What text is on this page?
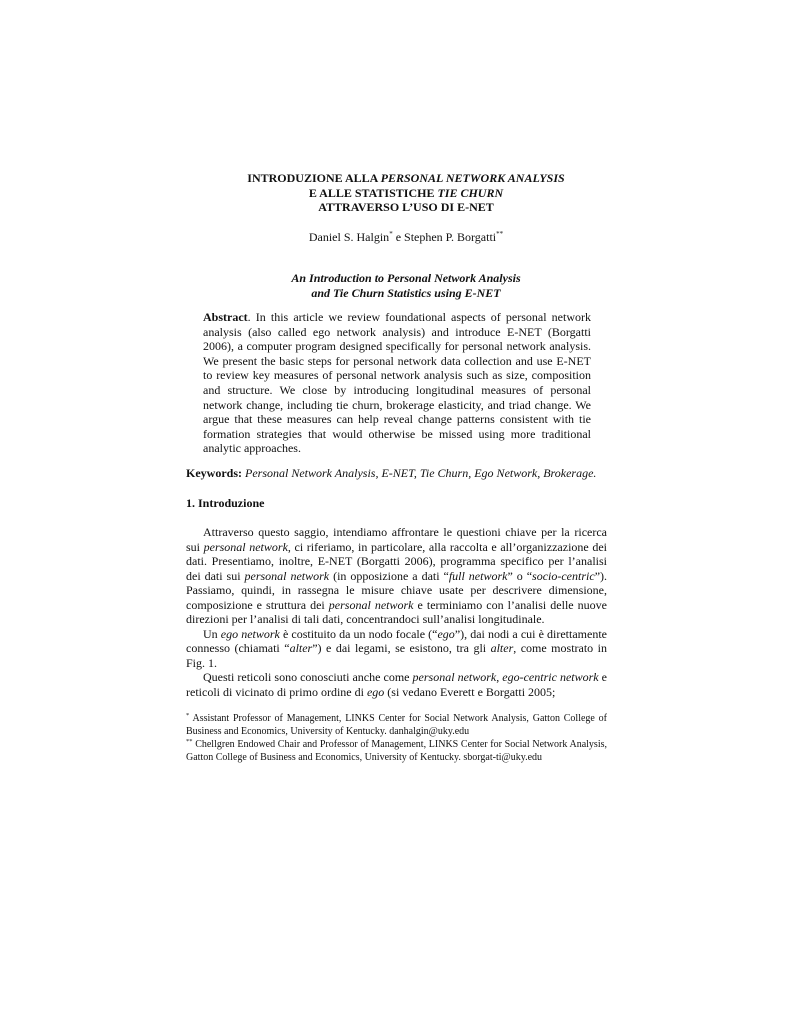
INTRODUZIONE ALLA PERSONAL NETWORK ANALYSIS
E ALLE STATISTICHE TIE CHURN
ATTRAVERSO L’USO DI E-NET
Daniel S. Halgin* e Stephen P. Borgatti**
An Introduction to Personal Network Analysis
and Tie Churn Statistics using E-NET
Abstract. In this article we review foundational aspects of personal network analysis (also called ego network analysis) and introduce E-NET (Borgatti 2006), a computer program designed specifically for personal network analysis. We present the basic steps for personal network data collection and use E-NET to review key measures of personal network analysis such as size, composition and structure. We close by introducing longitudinal measures of personal network change, including tie churn, brokerage elasticity, and triad change. We argue that these measures can help reveal change patterns consistent with tie formation strategies that would otherwise be missed using more traditional analytic approaches.
Keywords: Personal Network Analysis, E-NET, Tie Churn, Ego Network, Brokerage.
1. Introduzione

Attraverso questo saggio, intendiamo affrontare le questioni chiave per la ricerca sui personal network, ci riferiamo, in particolare, alla raccolta e all’organizzazione dei dati. Presentiamo, inoltre, E-NET (Borgatti 2006), programma specifico per l’analisi dei dati sui personal network (in opposizione a dati “full network” o “socio-centric”). Passiamo, quindi, in rassegna le misure chiave usate per descrivere dimensione, composizione e struttura dei personal network e terminiamo con l’analisi delle nuove direzioni per l’analisi di tali dati, concentrandoci sull’analisi longitudinale.

Un ego network è costituito da un nodo focale (“ego”), dai nodi a cui è direttamente connesso (chiamati “alter”) e dai legami, se esistono, tra gli alter, come mostrato in Fig. 1.

Questi reticoli sono conosciuti anche come personal network, ego-centric network e reticoli di vicinato di primo ordine di ego (si vedano Everett e Borgatti 2005;

* Assistant Professor of Management, LINKS Center for Social Network Analysis, Gatton College of Business and Economics, University of Kentucky. danhalgin@uky.edu

** Chellgren Endowed Chair and Professor of Management, LINKS Center for Social Network Analysis, Gatton College of Business and Economics, University of Kentucky. sborgat-ti@uky.edu
